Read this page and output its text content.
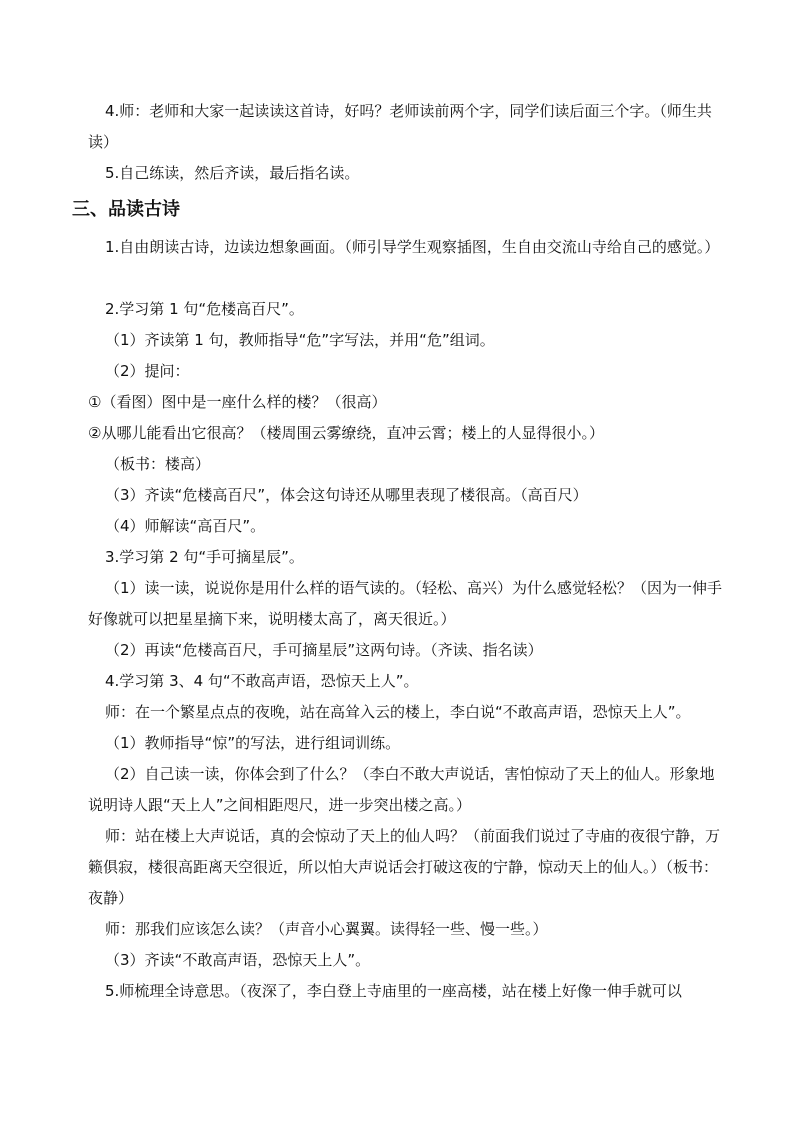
4.师：老师和大家一起读读这首诗，好吗？老师读前两个字，同学们读后面三个字。（师生共读）

5.自己练读，然后齐读，最后指名读。

三、品读古诗

1.自由朗读古诗，边读边想象画面。（师引导学生观察插图，生自由交流山寺给自己的感觉。）

2.学习第 1 句“危楼高百尺”。

（1）齐读第 1 句，教师指导“危”字写法，并用“危”组词。

（2）提问：

①（看图）图中是一座什么样的楼？（很高）

②从哪儿能看出它很高？（楼周围云雾缭绕，直冲云霄；楼上的人显得很小。）

（板书：楼高）

（3）齐读“危楼高百尺”，体会这句诗还从哪里表现了楼很高。（高百尺）

（4）师解读“高百尺”。

3.学习第 2 句“手可摘星辰”。

（1）读一读，说说你是用什么样的语气读的。（轻松、高兴）为什么感觉轻松？（因为一伸手好像就可以把星星摘下来，说明楼太高了，离天很近。）

（2）再读“危楼高百尺，手可摘星辰”这两句诗。（齐读、指名读）

4.学习第 3、4 句“不敢高声语，恐惊天上人”。

师：在一个繁星点点的夜晚，站在高耸入云的楼上，李白说“不敢高声语，恐惊天上人”。

（1）教师指导“惊”的写法，进行组词训练。

（2）自己读一读，你体会到了什么？（李白不敢大声说话，害怕惊动了天上的仙人。形象地说明诗人跟“天上人”之间相距咫尺，进一步突出楼之高。）

师：站在楼上大声说话，真的会惊动了天上的仙人吗？（前面我们说过了寺庙的夜很宁静，万籁俱寂，楼很高距离天空很近，所以怕大声说话会打破这夜的宁静，惊动天上的仙人。）（板书：夜静）

师：那我们应该怎么读？（声音小心翼翼。读得轻一些、慢一些。）

（3）齐读“不敢高声语，恐惊天上人”。

5.师梳理全诗意思。（夜深了，李白登上寺庙里的一座高楼，站在楼上好像一伸手就可以
